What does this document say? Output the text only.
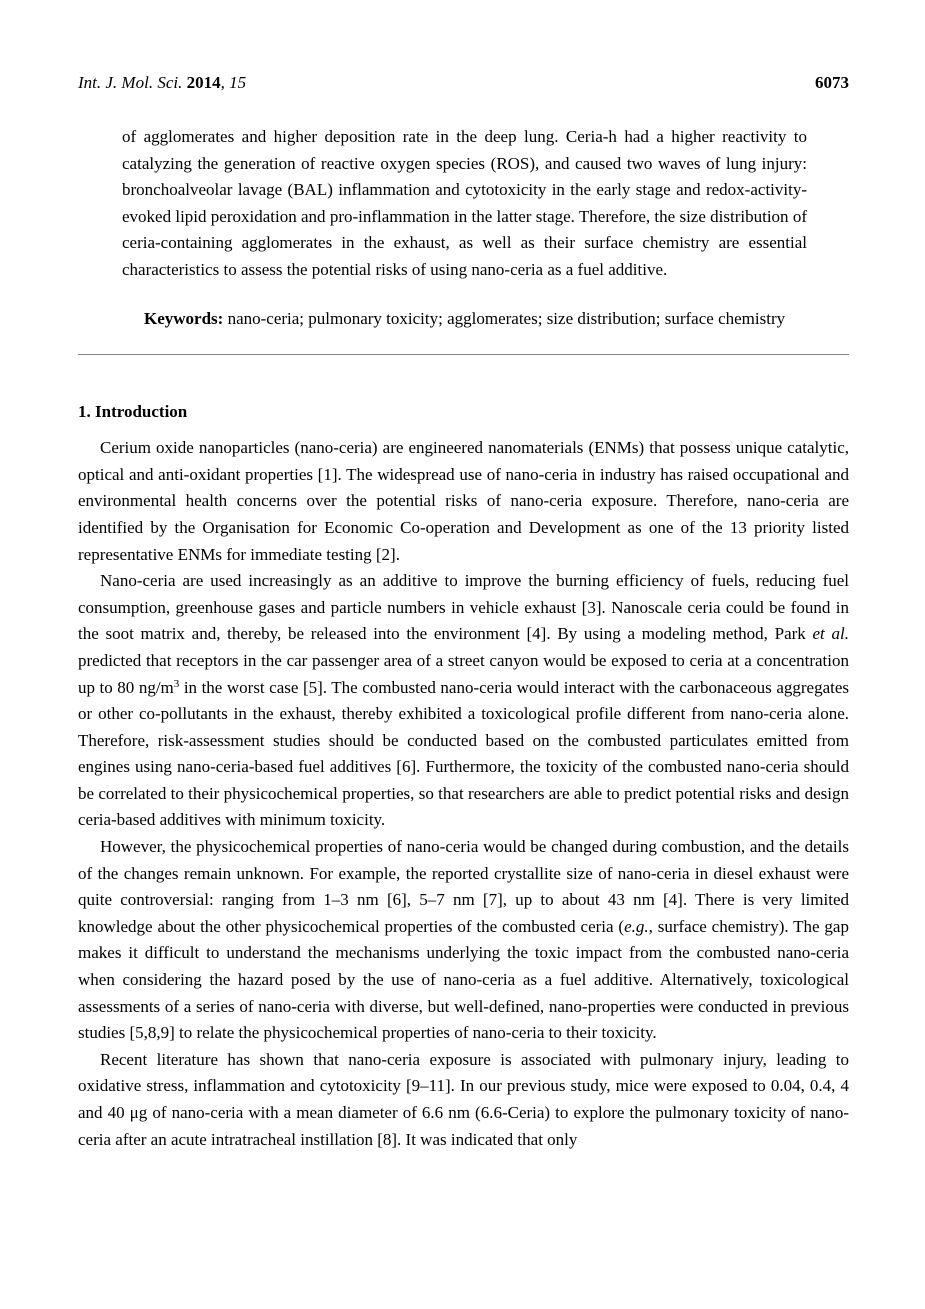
Int. J. Mol. Sci. 2014, 15	6073

of agglomerates and higher deposition rate in the deep lung. Ceria-h had a higher reactivity to catalyzing the generation of reactive oxygen species (ROS), and caused two waves of lung injury: bronchoalveolar lavage (BAL) inflammation and cytotoxicity in the early stage and redox-activity-evoked lipid peroxidation and pro-inflammation in the latter stage. Therefore, the size distribution of ceria-containing agglomerates in the exhaust, as well as their surface chemistry are essential characteristics to assess the potential risks of using nano-ceria as a fuel additive.

Keywords: nano-ceria; pulmonary toxicity; agglomerates; size distribution; surface chemistry

1. Introduction

Cerium oxide nanoparticles (nano-ceria) are engineered nanomaterials (ENMs) that possess unique catalytic, optical and anti-oxidant properties [1]. The widespread use of nano-ceria in industry has raised occupational and environmental health concerns over the potential risks of nano-ceria exposure. Therefore, nano-ceria are identified by the Organisation for Economic Co-operation and Development as one of the 13 priority listed representative ENMs for immediate testing [2].

Nano-ceria are used increasingly as an additive to improve the burning efficiency of fuels, reducing fuel consumption, greenhouse gases and particle numbers in vehicle exhaust [3]. Nanoscale ceria could be found in the soot matrix and, thereby, be released into the environment [4]. By using a modeling method, Park et al. predicted that receptors in the car passenger area of a street canyon would be exposed to ceria at a concentration up to 80 $ng/m^3$ in the worst case [5]. The combusted nano-ceria would interact with the carbonaceous aggregates or other co-pollutants in the exhaust, thereby exhibited a toxicological profile different from nano-ceria alone. Therefore, risk-assessment studies should be conducted based on the combusted particulates emitted from engines using nano-ceria-based fuel additives [6]. Furthermore, the toxicity of the combusted nano-ceria should be correlated to their physicochemical properties, so that researchers are able to predict potential risks and design ceria-based additives with minimum toxicity.

However, the physicochemical properties of nano-ceria would be changed during combustion, and the details of the changes remain unknown. For example, the reported crystallite size of nano-ceria in diesel exhaust were quite controversial: ranging from 1–3 nm [6], 5–7 nm [7], up to about 43 nm [4]. There is very limited knowledge about the other physicochemical properties of the combusted ceria (e.g., surface chemistry). The gap makes it difficult to understand the mechanisms underlying the toxic impact from the combusted nano-ceria when considering the hazard posed by the use of nano-ceria as a fuel additive. Alternatively, toxicological assessments of a series of nano-ceria with diverse, but well-defined, nano-properties were conducted in previous studies [5,8,9] to relate the physicochemical properties of nano-ceria to their toxicity.

Recent literature has shown that nano-ceria exposure is associated with pulmonary injury, leading to oxidative stress, inflammation and cytotoxicity [9–11]. In our previous study, mice were exposed to 0.04, 0.4, 4 and 40 μg of nano-ceria with a mean diameter of 6.6 nm (6.6-Ceria) to explore the pulmonary toxicity of nano-ceria after an acute intratracheal instillation [8]. It was indicated that only
